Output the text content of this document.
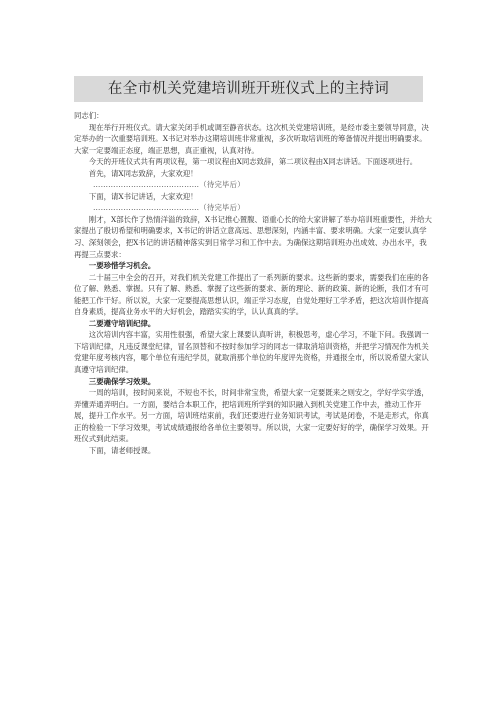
在全市机关党建培训班开班仪式上的主持词

同志们：

现在举行开班仪式。请大家关闭手机或调至静音状态。这次机关党建培训班，是经市委主要领导同意，决定举办的一次重要培训班。X书记对举办这期培训班非常重视，多次听取培训班的筹备情况并提出明确要求。大家一定要端正态度，端正思想，真正重视，认真对待。

今天的开班仪式共有两项议程，第一项议程由X同志致辞，第二项议程由X同志讲话。下面逐项进行。

首先，请X同志致辞，大家欢迎！

……………………………………（待完毕后）

下面，请X书记讲话，大家欢迎！

……………………………………（待完毕后）

刚才，X部长作了热情洋溢的致辞，X书记推心置腹、语重心长的给大家讲解了举办培训班重要性，并给大家提出了殷切希望和明确要求，X书记的讲话立意高远、思想深刻，内涵丰富、要求明确。大家一定要认真学习、深刻领会，把X书记的讲话精神落实到日常学习和工作中去。为确保这期培训班办出成效、办出水平，我再提三点要求：

一要珍惜学习机会。

二十届三中全会的召开，对我们机关党建工作提出了一系列新的要求。这些新的要求，需要我们在座的各位了解、熟悉、掌握。只有了解、熟悉、掌握了这些新的要求、新的理论、新的政策、新的论断，我们才有可能把工作干好。所以说，大家一定要提高思想认识，端正学习态度，自觉处理好工学矛盾，把这次培训作提高自身素质，提高业务水平的大好机会，踏踏实实的学，认认真真的学。

二要遵守培训纪律。

这次培训内容丰富，实用性很强，希望大家上课要认真听讲，积极思考，虚心学习，不耻下问。我强调一下培训纪律，凡违反课堂纪律，冒名顶替和不按时参加学习的同志一律取消培训资格，并把学习情况作为机关党建年度考核内容，哪个单位有违纪学员，就取消那个单位的年度评先资格，并通报全市，所以说希望大家认真遵守培训纪律。

三要确保学习效果。

一周的培训，按时间来说，不短也不长，时间非常宝贵，希望大家一定要既来之则安之，学好学实学透，弄懂弄通弄明白。一方面，要结合本职工作，把培训班所学到的知识融入到机关党建工作中去，推动工作开展，提升工作水平。另一方面，培训班结束前，我们还要进行业务知识考试，考试是闭卷，不是走形式，你真正的检验一下学习效果，考试成绩通报给各单位主要领导。所以说，大家一定要好好的学，确保学习效果。开班仪式到此结束。

下面，请老师授课。
